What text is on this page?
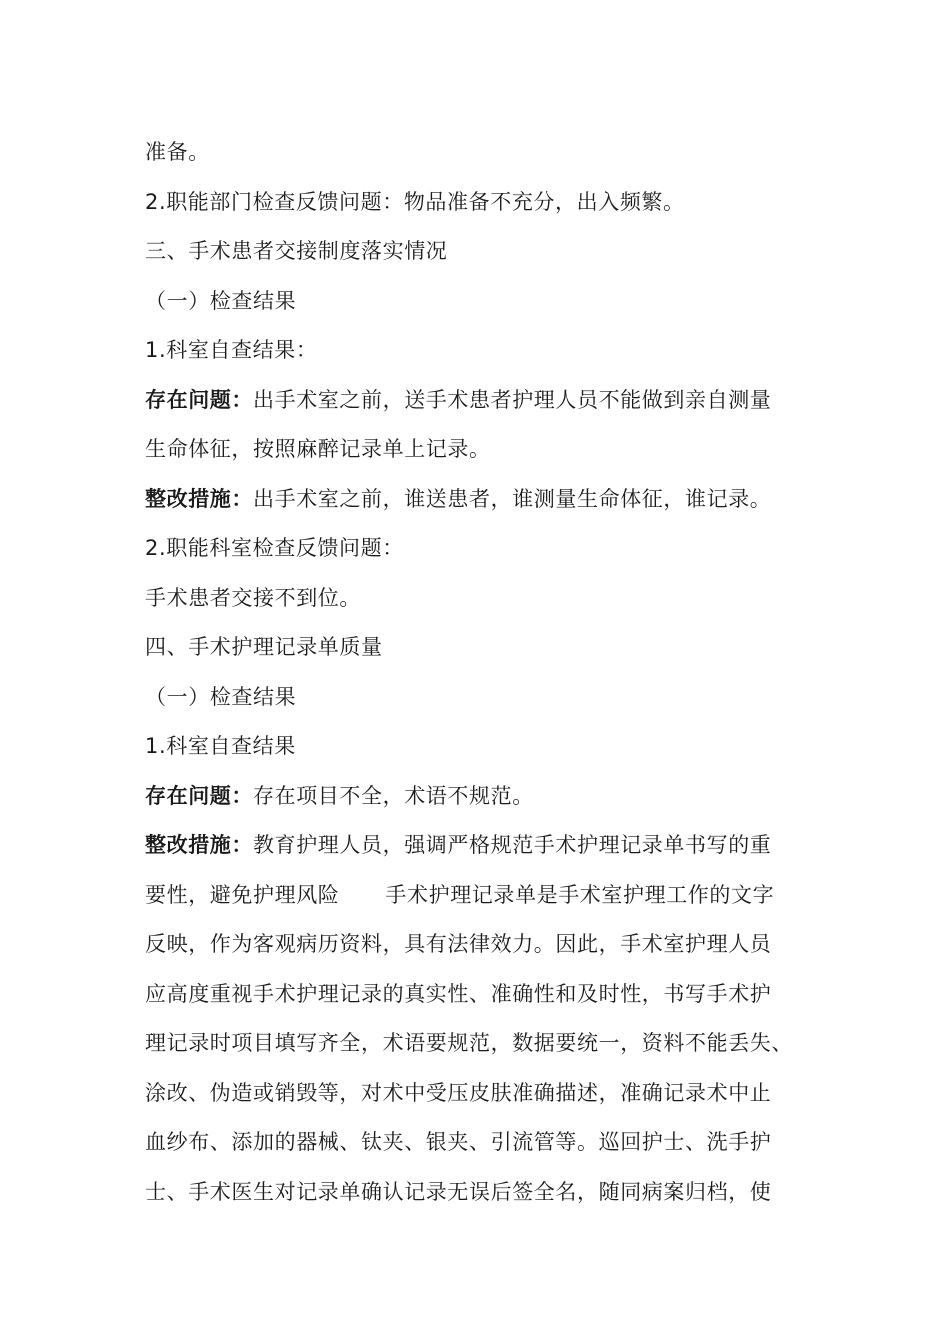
准备。
2.职能部门检查反馈问题：物品准备不充分，出入频繁。
三、手术患者交接制度落实情况
（一）检查结果
1.科室自查结果：
存在问题：出手术室之前，送手术患者护理人员不能做到亲自测量
生命体征，按照麻醉记录单上记录。
整改措施：出手术室之前，谁送患者，谁测量生命体征，谁记录。
2.职能科室检查反馈问题：
手术患者交接不到位。
四、手术护理记录单质量
（一）检查结果
1.科室自查结果
存在问题：存在项目不全，术语不规范。
整改措施：教育护理人员，强调严格规范手术护理记录单书写的重
要性，避免护理风险 手术护理记录单是手术室护理工作的文字
反映，作为客观病历资料，具有法律效力。因此，手术室护理人员
应高度重视手术护理记录的真实性、准确性和及时性，书写手术护
理记录时项目填写齐全，术语要规范，数据要统一，资料不能丢失、
涂改、伪造或销毁等，对术中受压皮肤准确描述，准确记录术中止
血纱布、添加的器械、钛夹、银夹、引流管等。巡回护士、洗手护
士、手术医生对记录单确认记录无误后签全名，随同病案归档，使
